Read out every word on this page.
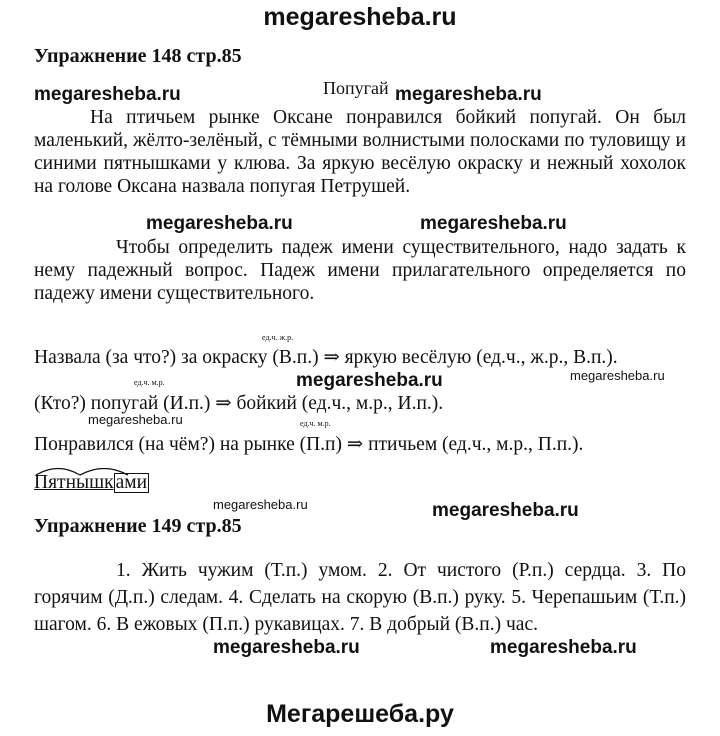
megaresheba.ru
Упражнение 148 стр.85
megaresheba.ru	Попугай megaresheba.ru
На птичьем рынке Оксане понравился бойкий попугай. Он был маленький, жёлто-зелёный, с тёмными волнистыми полосками по туловищу и синими пятнышками у клюва. За яркую весёлую окраску и нежный хохолок на голове Оксана назвала попугая Петрушей.
megaresheba.ru	megaresheba.ru
Чтобы определить падеж имени существительного, надо задать к нему падежный вопрос. Падеж имени прилагательного определяется по падежу имени существительного.
ед.ч. ж.р.
Назвала (за что?) за окраску (В.п.) ⇒ яркую весёлую (ед.ч., ж.р., В.п.).
ед.ч. м.р.	megaresheba.ru	megaresheba.ru
(Кто?) попугай (И.п.) ⇒ бойкий (ед.ч., м.р., И.п.).
megaresheba.ru	ед.ч. м.р.
Понравился (на чём?) на рынке (П.п) ⇒ птичьем (ед.ч., м.р., П.п.).
Пятнышк ами
megaresheba.ru	megaresheba.ru
Упражнение 149 стр.85
1. Жить чужим (Т.п.) умом. 2. От чистого (Р.п.) сердца. 3. По горячим (Д.п.) следам. 4. Сделать на скорую (В.п.) руку. 5. Черепашьим (Т.п.) шагом. 6. В ежовых (П.п.) рукавицах. 7. В добрый (В.п.) час.
megaresheba.ru	megaresheba.ru
Мегарешеба.ру
